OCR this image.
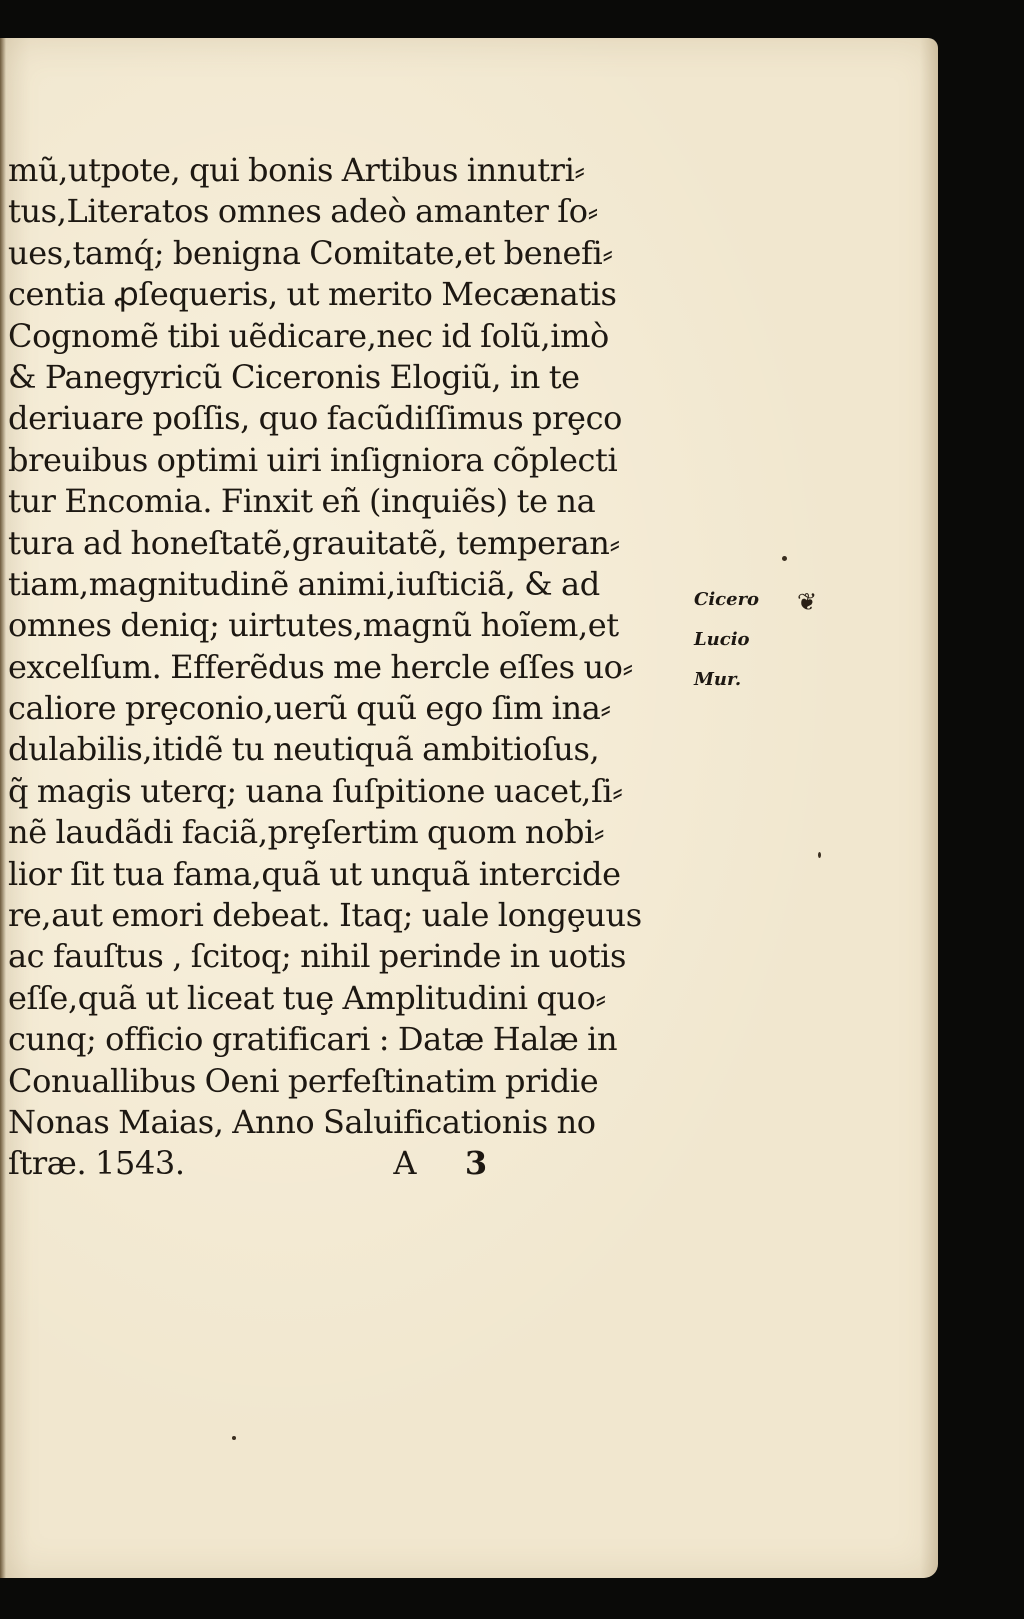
mũ,utpote, qui bonis Artibus innutri⸗
tus,Literatos omnes adeò amanter ſo⸗
ues,tamq́; benigna Comitate,et benefi⸗
centia ꝓſequeris, ut merito Mecænatis
Cognomẽ tibi uẽdicare,nec id ſolũ,imò
& Panegyricũ Ciceronis Elogiũ, in te
deriuare poſſis, quo facũdiſſimus prȩco
breuibus optimi uiri inſigniora cõplecti
tur Encomia. Finxit eñ (inquiẽs) te na
tura ad honeſtatẽ,grauitatẽ, temperan⸗
tiam,magnitudinẽ animi,iuſticiã, & ad
omnes deniq; uirtutes,magnũ hoĩem,et
excelſum. Efferẽdus me hercle eſſes uo⸗
caliore prȩconio,uerũ quũ ego ſim ina⸗
dulabilis,itidẽ tu neutiquã ambitioſus,
q̃ magis uterq; uana ſuſpitione uacet,ſi⸗
nẽ laudãdi faciã,prȩſertim quom nobi⸗
lior ſit tua fama,quã ut unquã intercide
re,aut emori debeat. Itaq; uale longȩuus
ac fauſtus , ſcitoq; nihil perinde in uotis
eſſe,quã ut liceat tuȩ Amplitudini quo⸗
cunq; officio gratificari : Datæ Halæ in
Conuallibus Oeni perfeſtinatim pridie
Nonas Maias, Anno Saluificationis no
ſtræ. 1543.	A 3
Cicero
Lucio
Mur.
❦
